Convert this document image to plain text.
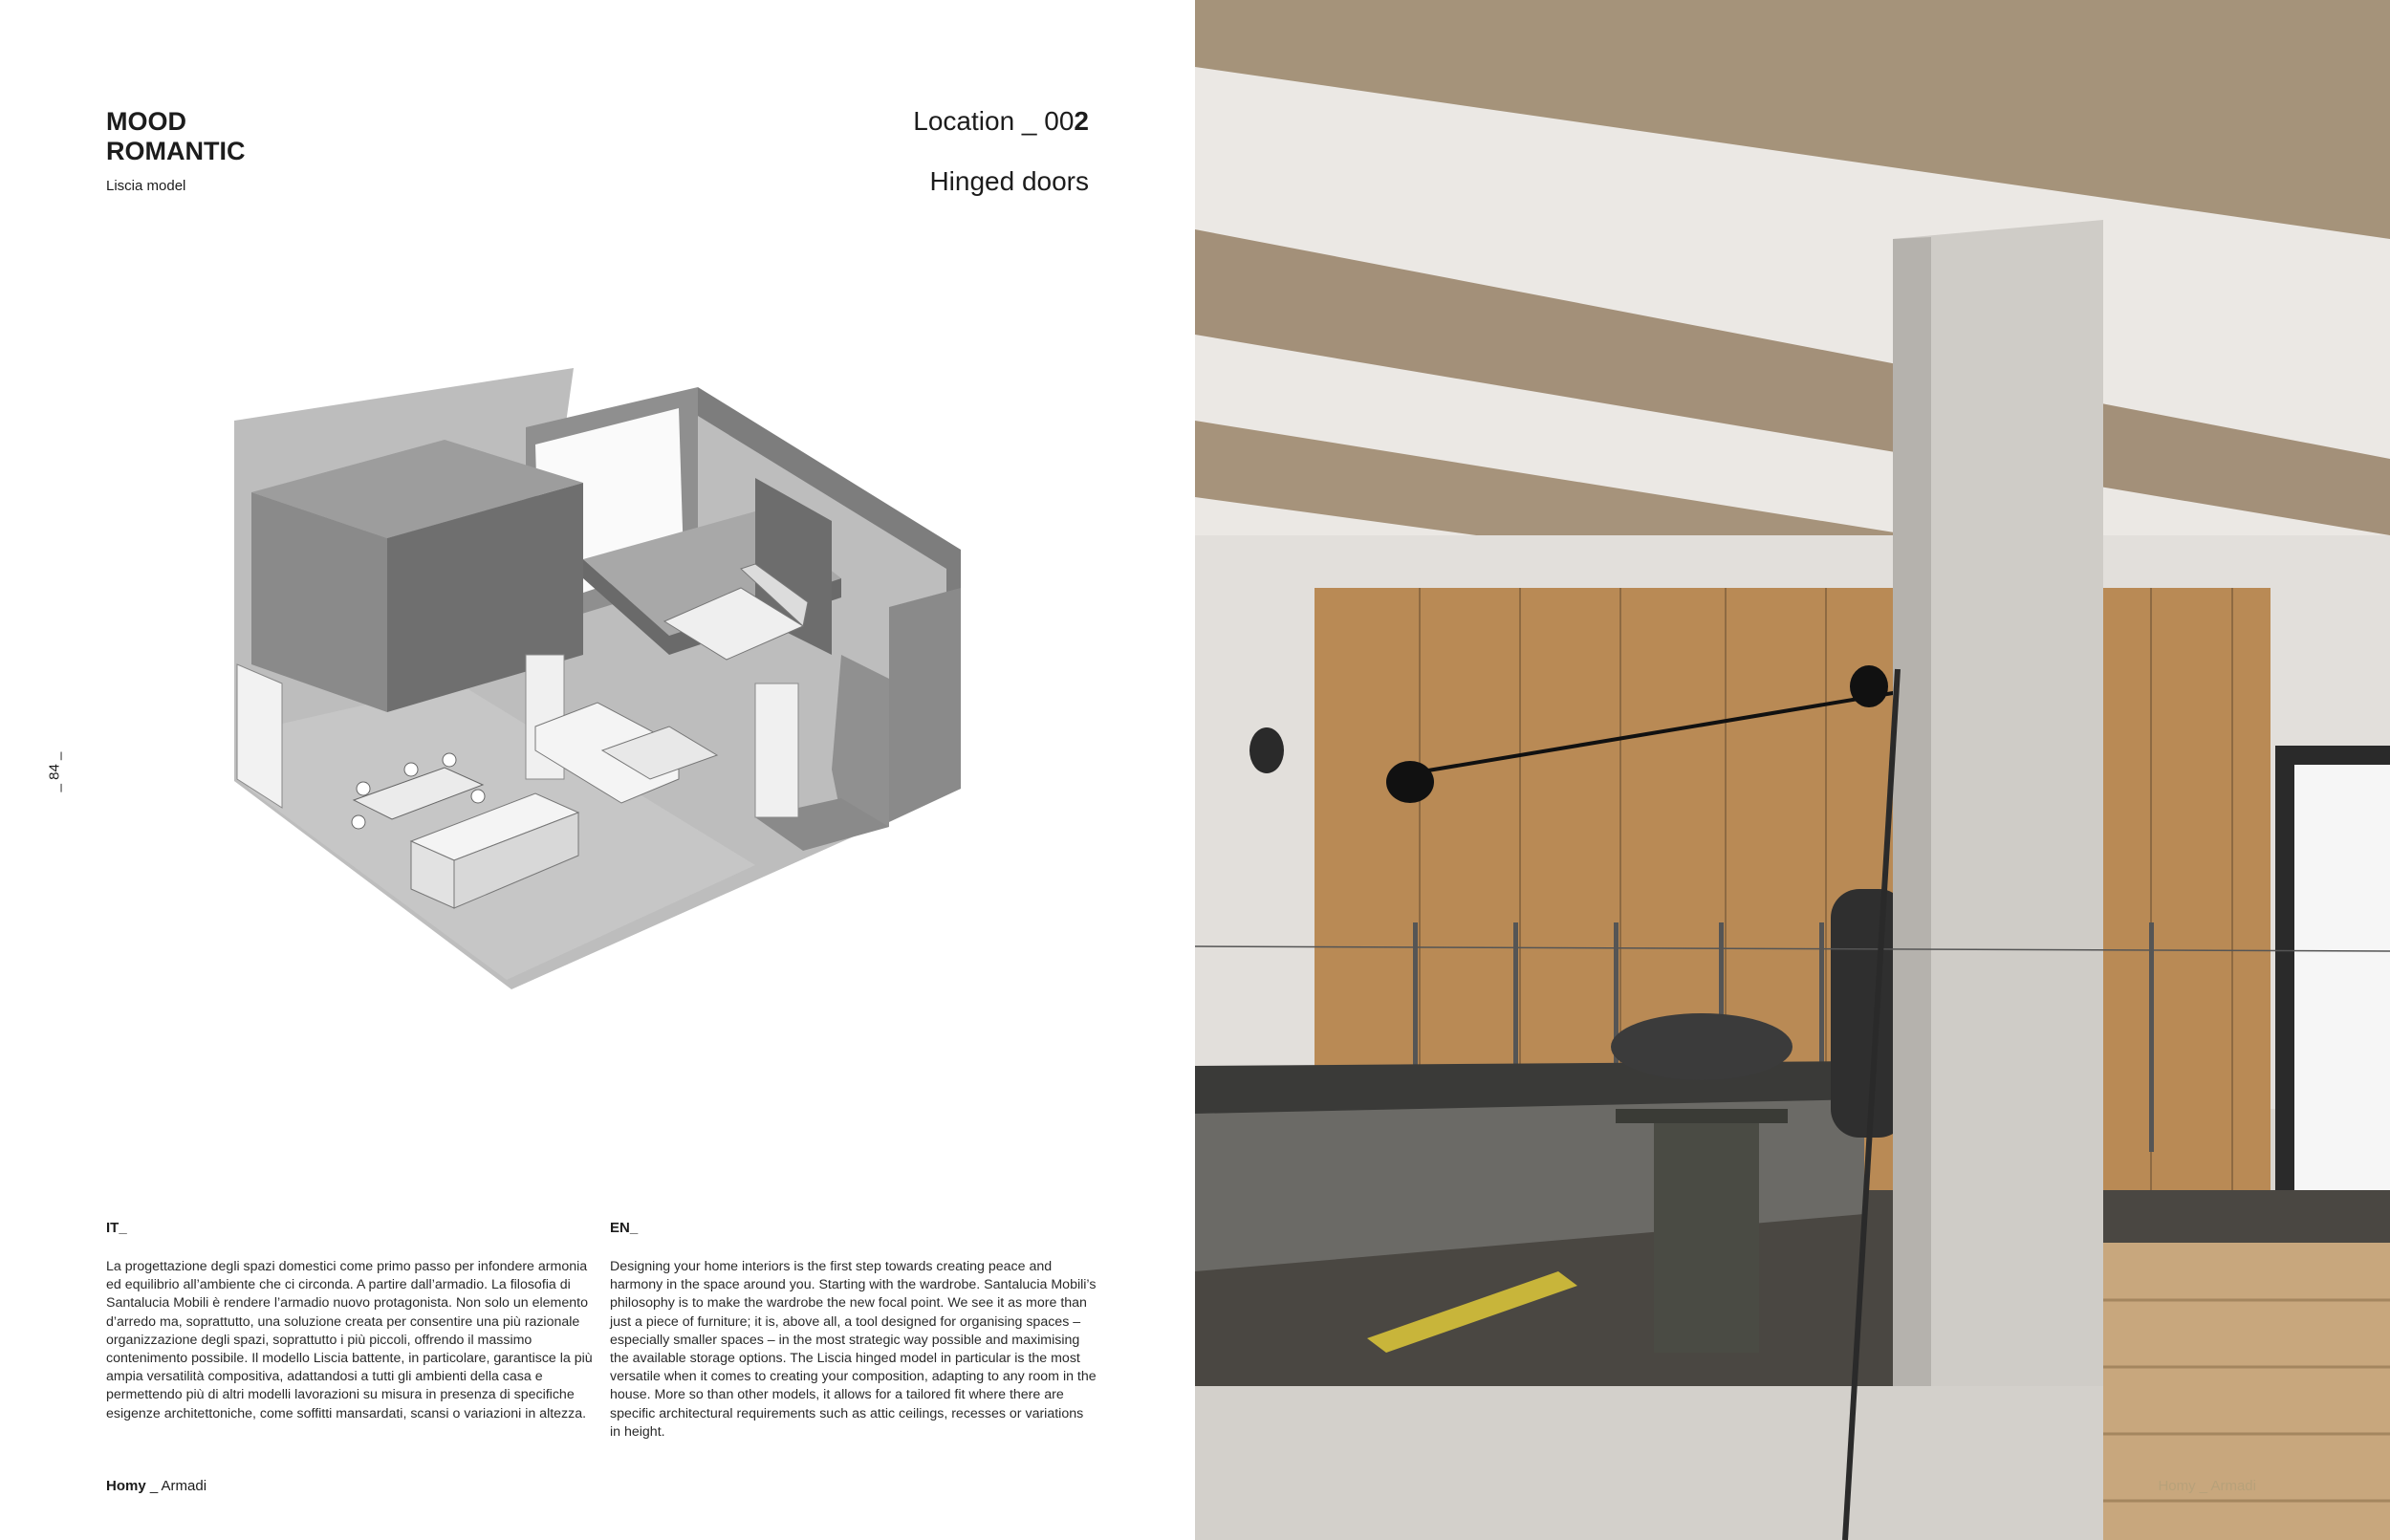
MOOD
ROMANTIC
Liscia model
Location _ 002
Hinged doors
_ 84 _
IT_
La progettazione degli spazi domestici come primo passo per infondere armonia ed equilibrio all’ambiente che ci circonda. A partire dall’armadio. La filosofia di Santalucia Mobili è rendere l’armadio nuovo protagonista. Non solo un elemento d’arredo ma, soprattutto, una soluzione creata per consentire una più razionale organizzazione degli spazi, soprattutto i più piccoli, offrendo il massimo contenimento possibile. Il modello Liscia battente, in particolare, garantisce la più ampia versatilità compositiva, adattandosi a tutti gli ambienti della casa e permettendo più di altri modelli lavorazioni su misura in presenza di specifiche esigenze architettoniche, come soffitti mansardati, scansi o variazioni in altezza.
EN_
Designing your home interiors is the first step towards creating peace and harmony in the space around you. Starting with the wardrobe. Santalucia Mobili’s philosophy is to make the wardrobe the new focal point. We see it as more than just a piece of furniture; it is, above all, a tool designed for organising spaces – especially smaller spaces – in the most strategic way possible and maximising the available storage options. The Liscia hinged model in particular is the most versatile when it comes to creating your composition, adapting to any room in the house. More so than other models, it allows for a tailored fit where there are specific architectural requirements such as attic ceilings, recesses or variations in height.
Homy _ Armadi	Homy _ Armadi
